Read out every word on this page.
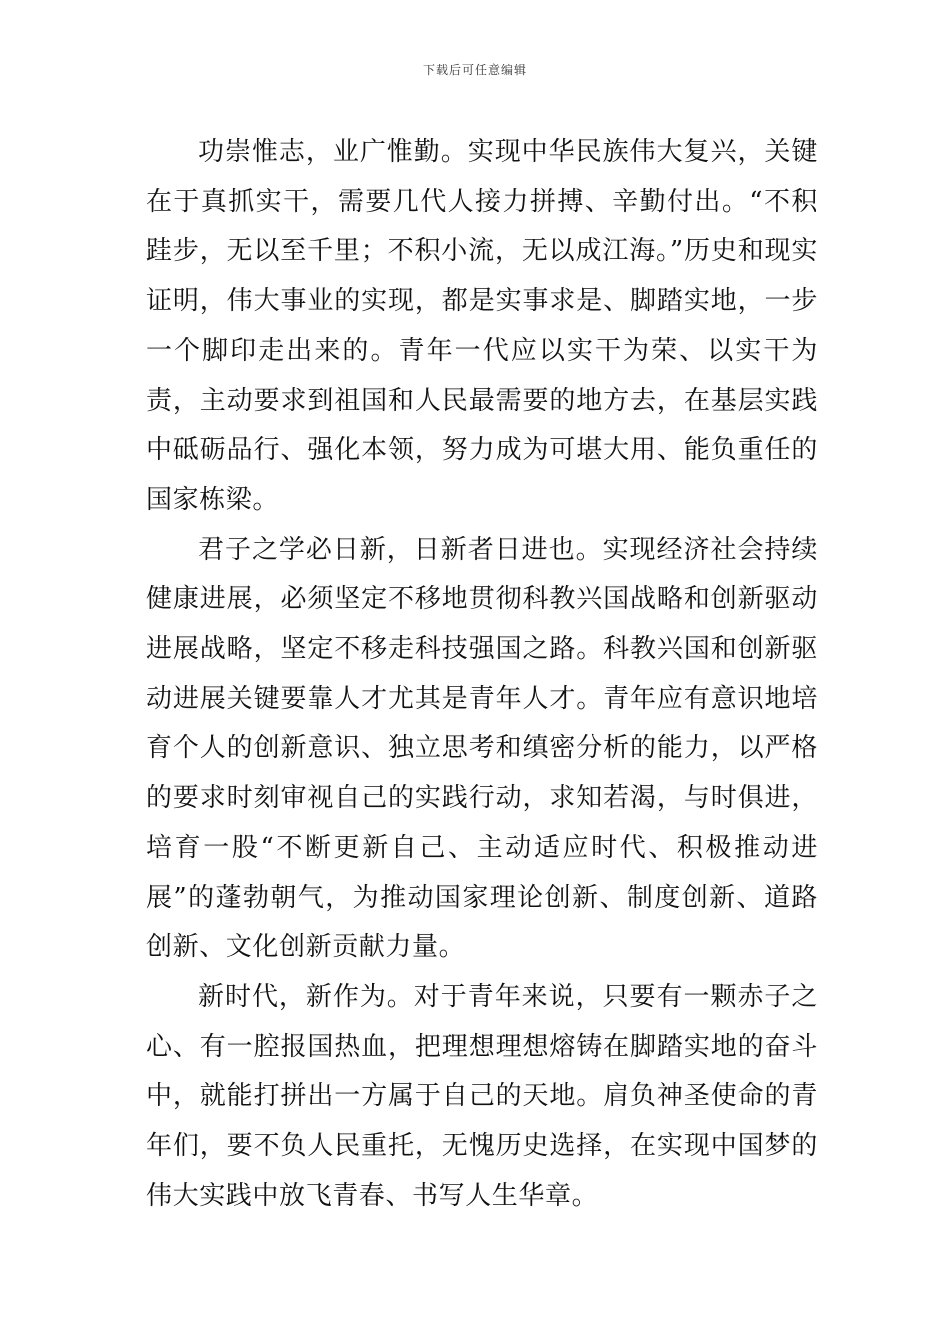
下载后可任意编辑

功崇惟志，业广惟勤。实现中华民族伟大复兴，关键在于真抓实干，需要几代人接力拼搏、辛勤付出。“不积跬步，无以至千里；不积小流，无以成江海。”历史和现实证明，伟大事业的实现，都是实事求是、脚踏实地，一步一个脚印走出来的。青年一代应以实干为荣、以实干为责，主动要求到祖国和人民最需要的地方去，在基层实践中砥砺品行、强化本领，努力成为可堪大用、能负重任的国家栋梁。

君子之学必日新，日新者日进也。实现经济社会持续健康进展，必须坚定不移地贯彻科教兴国战略和创新驱动进展战略，坚定不移走科技强国之路。科教兴国和创新驱动进展关键要靠人才尤其是青年人才。青年应有意识地培育个人的创新意识、独立思考和缜密分析的能力，以严格的要求时刻审视自己的实践行动，求知若渴，与时俱进，培育一股“不断更新自己、主动适应时代、积极推动进展”的蓬勃朝气，为推动国家理论创新、制度创新、道路创新、文化创新贡献力量。

新时代，新作为。对于青年来说，只要有一颗赤子之心、有一腔报国热血，把理想理想熔铸在脚踏实地的奋斗中，就能打拼出一方属于自己的天地。肩负神圣使命的青年们，要不负人民重托，无愧历史选择，在实现中国梦的伟大实践中放飞青春、书写人生华章。
